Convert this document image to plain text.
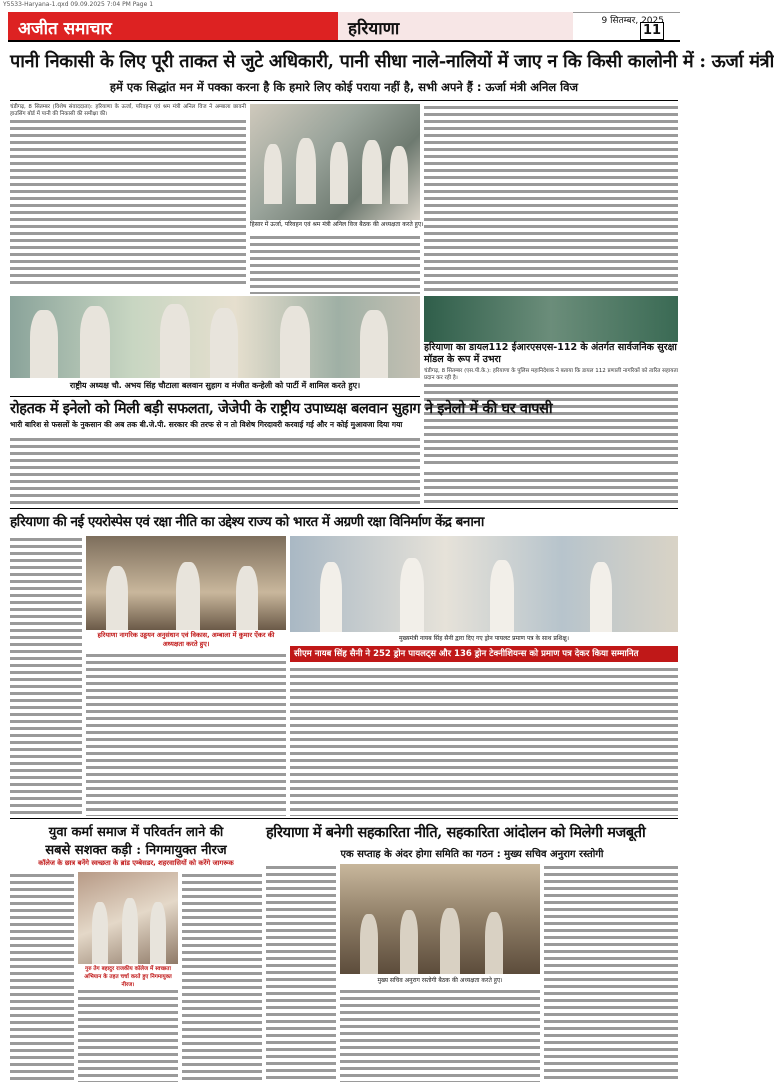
Y5533-Haryana-1.qxd 09.09.2025 7:04 PM Page 1
अजीत समाचार	हरियाणा	9 सितम्बर, 2025
11
पानी निकासी के लिए पूरी ताकत से जुटे अधिकारी, पानी सीधा नाले-नालियों में जाए न कि किसी कालोनी में : ऊर्जा मंत्री
हमें एक सिद्धांत मन में पक्का करना है कि हमारे लिए कोई पराया नहीं है, सभी अपने हैं : ऊर्जा मंत्री अनिल विज
चंडीगढ़, 8 सितम्बर (विशेष संवाददाता): हरियाणा के ऊर्जा, परिवहन एवं श्रम मंत्री अनिल विज ने अम्बाला छावनी हाउसिंग बोर्ड में पानी की निकासी की समीक्षा की।
हिसार में ऊर्जा, परिवहन एवं श्रम मंत्री अनिल विज बैठक की अध्यक्षता करते हुए।
राष्ट्रीय अध्यक्ष चौ. अभय सिंह चौटाला बलवान सुहाग व मंजीत कन्हेली को पार्टी में शामिल करते हुए।
हरियाणा का डायल112 ईआरएसएस-112 के अंतर्गत सार्वजनिक सुरक्षा मॉडल के रूप में उभरा
चंडीगढ़, 8 सितम्बर (एस.पी.के.): हरियाणा के पुलिस महानिदेशक ने बताया कि डायल 112 प्रणाली नागरिकों को त्वरित सहायता प्रदान कर रही है।
रोहतक में इनेलो को मिली बड़ी सफलता, जेजेपी के राष्ट्रीय उपाध्यक्ष बलवान सुहाग ने इनेलो में की घर वापसी
भारी बारिश से फसलों के नुकसान की अब तक बी.जे.पी. सरकार की तरफ से न तो विशेष गिरदावरी करवाई गई और न कोई मुआवजा दिया गया
हरियाणा की नई एयरोस्पेस एवं रक्षा नीति का उद्देश्य राज्य को भारत में अग्रणी रक्षा विनिर्माण केंद्र बनाना
हरियाणा नागरिक उड्डयन अनुसंधान एवं विकास, अम्बाला में कुमार ऐंकर की अध्यक्षता करते हुए।
मुख्यमंत्री नायब सिंह सैनी द्वारा दिए गए ड्रोन पायलट प्रमाण पत्र के साथ प्रशिक्षु।
सीएम नायब सिंह सैनी ने 252 ड्रोन पायलट्स और 136 ड्रोन टेक्नीशियन्स को प्रमाण पत्र देकर किया सम्मानित
युवा कर्मा समाज में परिवर्तन लाने की
सबसे सशक्त कड़ी : निगमायुक्त नीरज
कॉलेज के छात्र बनेंगे स्वच्छता के ब्रांड एम्बेसडर, शहरवासियों को करेंगे जागरूक
गुरु तेग बहादुर राजकीय कॉलेज में स्वच्छता अभियान के तहत चर्चा करते हुए निगमायुक्त नीरज।
हरियाणा में बनेगी सहकारिता नीति, सहकारिता आंदोलन को मिलेगी मजबूती
एक सप्ताह के अंदर होगा समिति का गठन : मुख्य सचिव अनुराग रस्तोगी
मुख्य सचिव अनुराग रस्तोगी बैठक की अध्यक्षता करते हुए।
